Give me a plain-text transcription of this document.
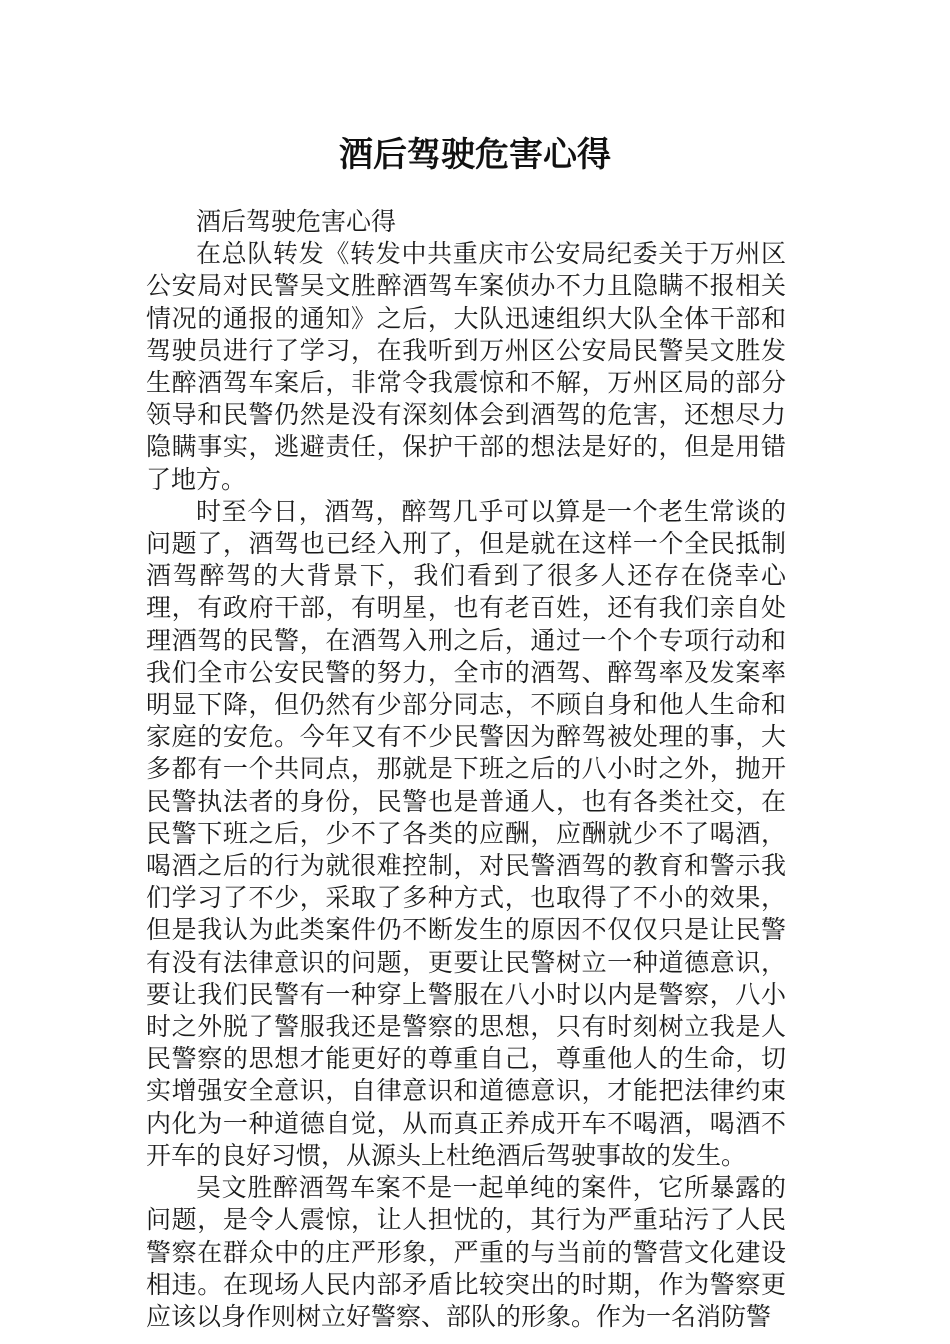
酒后驾驶危害心得

酒后驾驶危害心得

在总队转发《转发中共重庆市公安局纪委关于万州区公安局对民警吴文胜醉酒驾车案侦办不力且隐瞒不报相关情况的通报的通知》之后，大队迅速组织大队全体干部和驾驶员进行了学习，在我听到万州区公安局民警吴文胜发生醉酒驾车案后，非常令我震惊和不解，万州区局的部分领导和民警仍然是没有深刻体会到酒驾的危害，还想尽力隐瞒事实，逃避责任，保护干部的想法是好的，但是用错了地方。

时至今日，酒驾，醉驾几乎可以算是一个老生常谈的问题了，酒驾也已经入刑了，但是就在这样一个全民抵制酒驾醉驾的大背景下，我们看到了很多人还存在侥幸心理，有政府干部，有明星，也有老百姓，还有我们亲自处理酒驾的民警，在酒驾入刑之后，通过一个个专项行动和我们全市公安民警的努力，全市的酒驾、醉驾率及发案率明显下降，但仍然有少部分同志，不顾自身和他人生命和家庭的安危。今年又有不少民警因为醉驾被处理的事，大多都有一个共同点，那就是下班之后的八小时之外，抛开民警执法者的身份，民警也是普通人，也有各类社交，在民警下班之后，少不了各类的应酬，应酬就少不了喝酒，喝酒之后的行为就很难控制，对民警酒驾的教育和警示我们学习了不少，采取了多种方式，也取得了不小的效果，但是我认为此类案件仍不断发生的原因不仅仅只是让民警有没有法律意识的问题，更要让民警树立一种道德意识，要让我们民警有一种穿上警服在八小时以内是警察，八小时之外脱了警服我还是警察的思想，只有时刻树立我是人民警察的思想才能更好的尊重自己，尊重他人的生命，切实增强安全意识，自律意识和道德意识，才能把法律约束内化为一种道德自觉，从而真正养成开车不喝酒，喝酒不开车的良好习惯，从源头上杜绝酒后驾驶事故的发生。

吴文胜醉酒驾车案不是一起单纯的案件，它所暴露的问题，是令人震惊，让人担忧的，其行为严重玷污了人民警察在群众中的庄严形象，严重的与当前的警营文化建设相违。在现场人民内部矛盾比较突出的时期，作为警察更应该以身作则树立好警察、部队的形象。作为一名消防警
